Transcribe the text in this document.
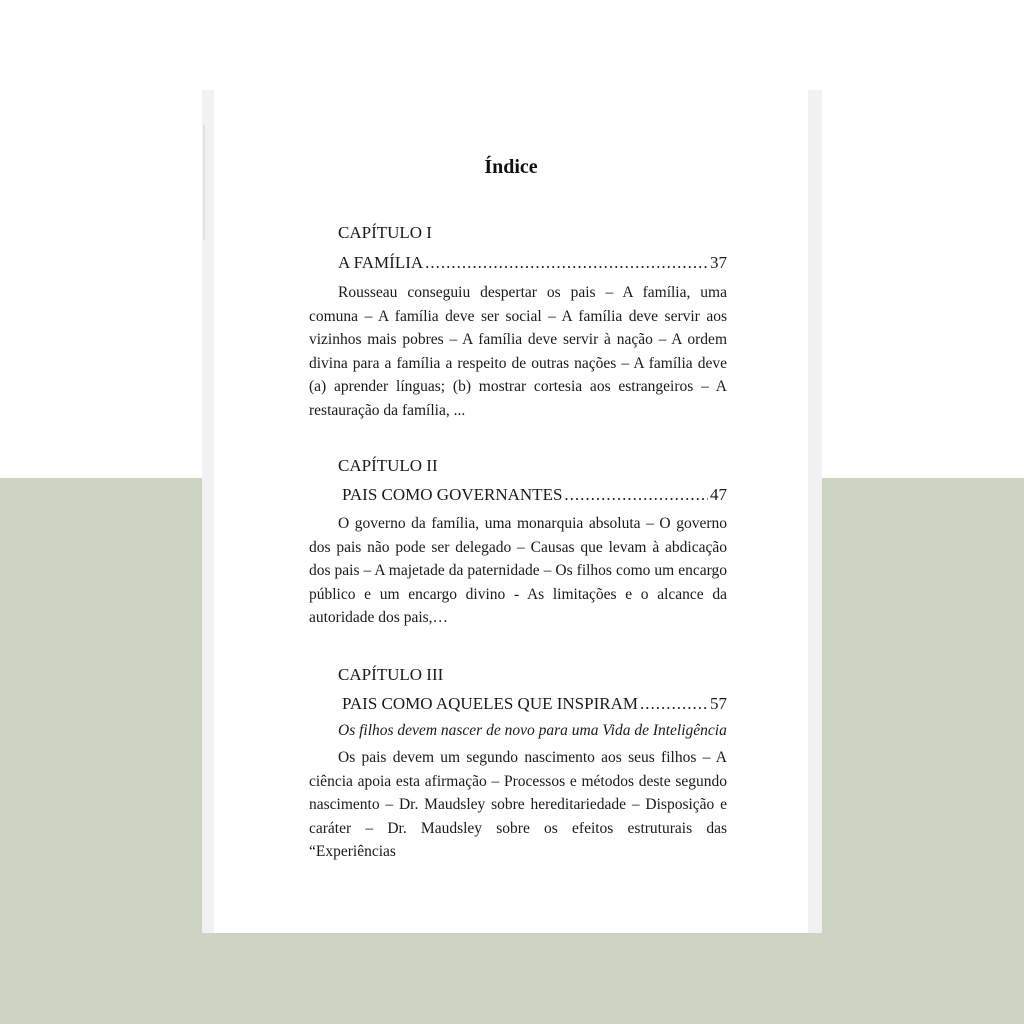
Índice
CAPÍTULO I
A FAMÍLIA .....	37
Rousseau conseguiu despertar os pais – A família, uma comuna – A família deve ser social – A família deve servir aos vizinhos mais pobres – A família deve servir à nação – A ordem divina para a família a respeito de outras nações – A família deve (a) aprender línguas; (b) mostrar cortesia aos estrangeiros – A restauração da família, ...
CAPÍTULO II
PAIS COMO GOVERNANTES .....	47
O governo da família, uma monarquia absoluta – O governo dos pais não pode ser delegado – Causas que levam à abdicação dos pais – A majetade da paternidade – Os filhos como um encargo público e um encargo divino - As limitações e o alcance da autoridade dos pais,…
CAPÍTULO III
PAIS COMO AQUELES QUE INSPIRAM .....	57
Os filhos devem nascer de novo para uma Vida de Inteligência
Os pais devem um segundo nascimento aos seus filhos – A ciência apoia esta afirmação – Processos e métodos deste segundo nascimento – Dr. Maudsley sobre hereditariedade – Disposição e caráter – Dr. Maudsley sobre os efeitos estruturais das “Experiências
